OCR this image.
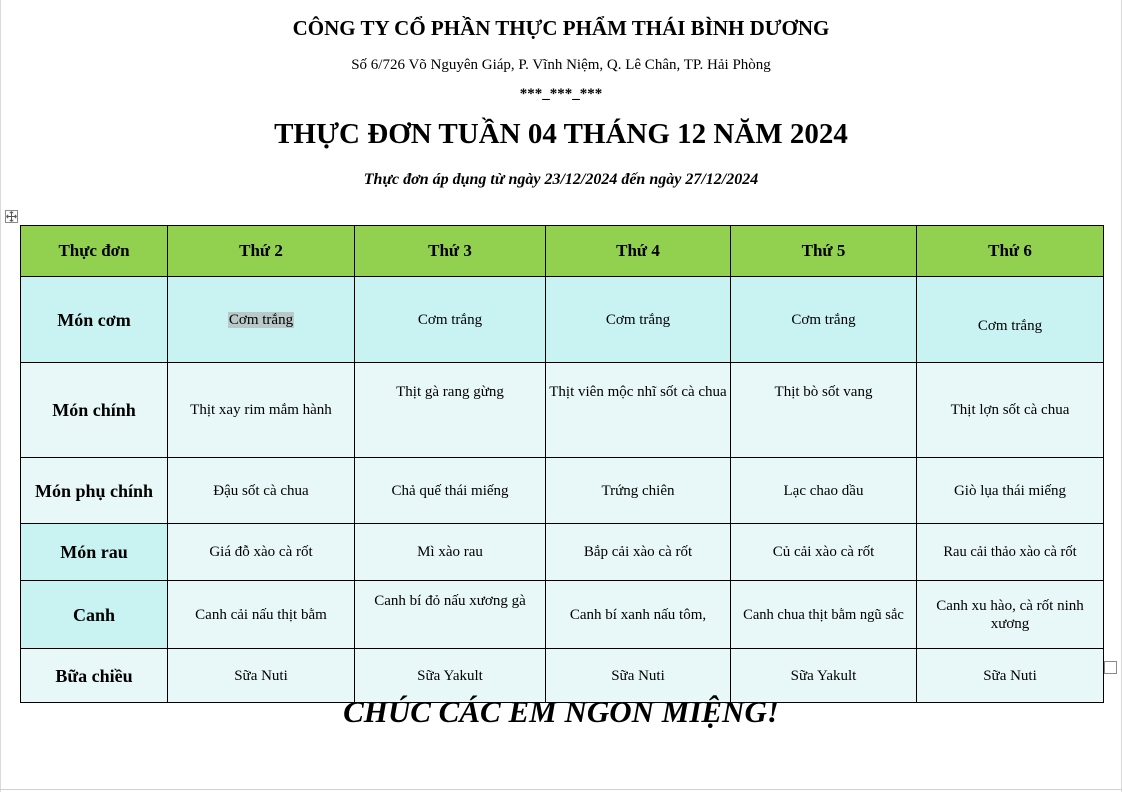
CÔNG TY CỔ PHẦN THỰC PHẨM THÁI BÌNH DƯƠNG
Số 6/726 Võ Nguyên Giáp, P. Vĩnh Niệm, Q. Lê Chân, TP. Hải Phòng
***_***_***
THỰC ĐƠN TUẦN 04 THÁNG 12 NĂM 2024
Thực đơn áp dụng từ ngày 23/12/2024 đến ngày 27/12/2024
Thực đơn	Thứ 2	Thứ 3	Thứ 4	Thứ 5	Thứ 6
Món cơm	Cơm trắng	Cơm trắng	Cơm trắng	Cơm trắng	Cơm trắng
Món chính	Thịt xay rim mắm hành	Thịt gà rang gừng	Thịt viên mộc nhĩ sốt cà chua	Thịt bò sốt vang	Thịt lợn sốt cà chua
Món phụ chính	Đậu sốt cà chua	Chả quế thái miếng	Trứng chiên	Lạc chao dầu	Giò lụa thái miếng
Món rau	Giá đỗ xào cà rốt	Mì xào rau	Bắp cải xào cà rốt	Củ cải xào cà rốt	Rau cải thảo xào cà rốt
Canh	Canh cải nấu thịt bằm	Canh bí đỏ nấu xương gà	Canh bí xanh nấu tôm,	Canh chua thịt bằm ngũ sắc	Canh xu hào, cà rốt ninh xương
Bữa chiều	Sữa Nuti	Sữa Yakult	Sữa Nuti	Sữa Yakult	Sữa Nuti
CHÚC CÁC EM NGON MIỆNG!
